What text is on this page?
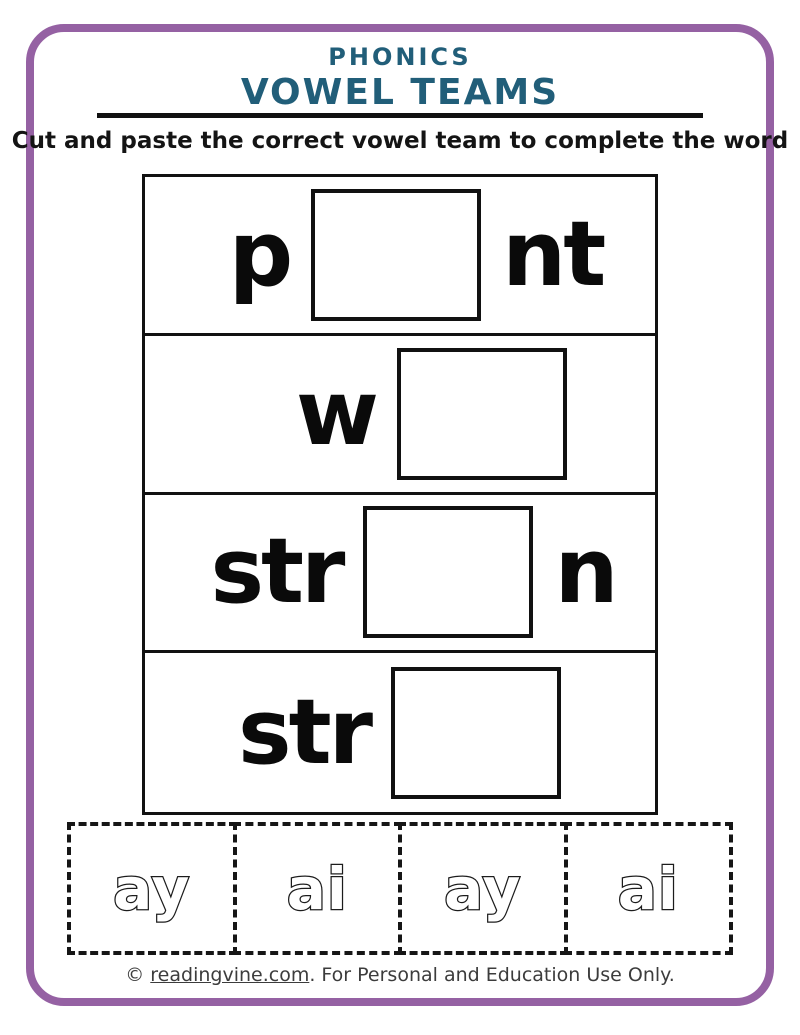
PHONICS
VOWEL TEAMS

Cut and paste the correct vowel team to complete the word

p nt
w
str n
str
ay ai ay ai

© readingvine.com. For Personal and Education Use Only.
